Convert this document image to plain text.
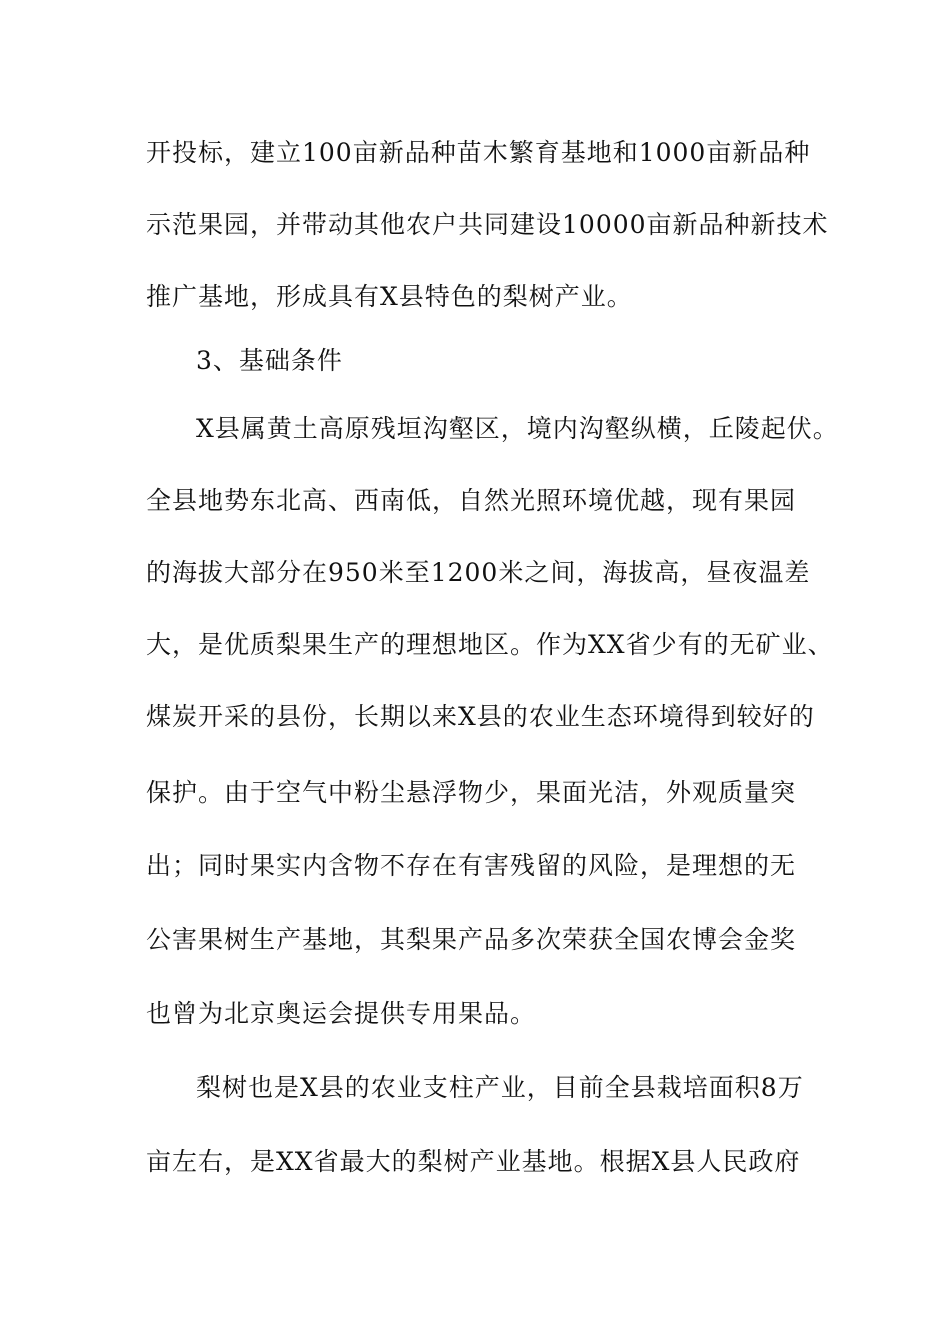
开投标，建立100亩新品种苗木繁育基地和1000亩新品种
示范果园，并带动其他农户共同建设10000亩新品种新技术
推广基地，形成具有X县特色的梨树产业。
3、基础条件
X县属黄土高原残垣沟壑区，境内沟壑纵横，丘陵起伏。
全县地势东北高、西南低，自然光照环境优越，现有果园
的海拔大部分在950米至1200米之间，海拔高，昼夜温差
大，是优质梨果生产的理想地区。作为XX省少有的无矿业、
煤炭开采的县份，长期以来X县的农业生态环境得到较好的
保护。由于空气中粉尘悬浮物少，果面光洁，外观质量突
出；同时果实内含物不存在有害残留的风险，是理想的无
公害果树生产基地，其梨果产品多次荣获全国农博会金奖
也曾为北京奥运会提供专用果品。
梨树也是X县的农业支柱产业，目前全县栽培面积8万
亩左右，是XX省最大的梨树产业基地。根据X县人民政府
